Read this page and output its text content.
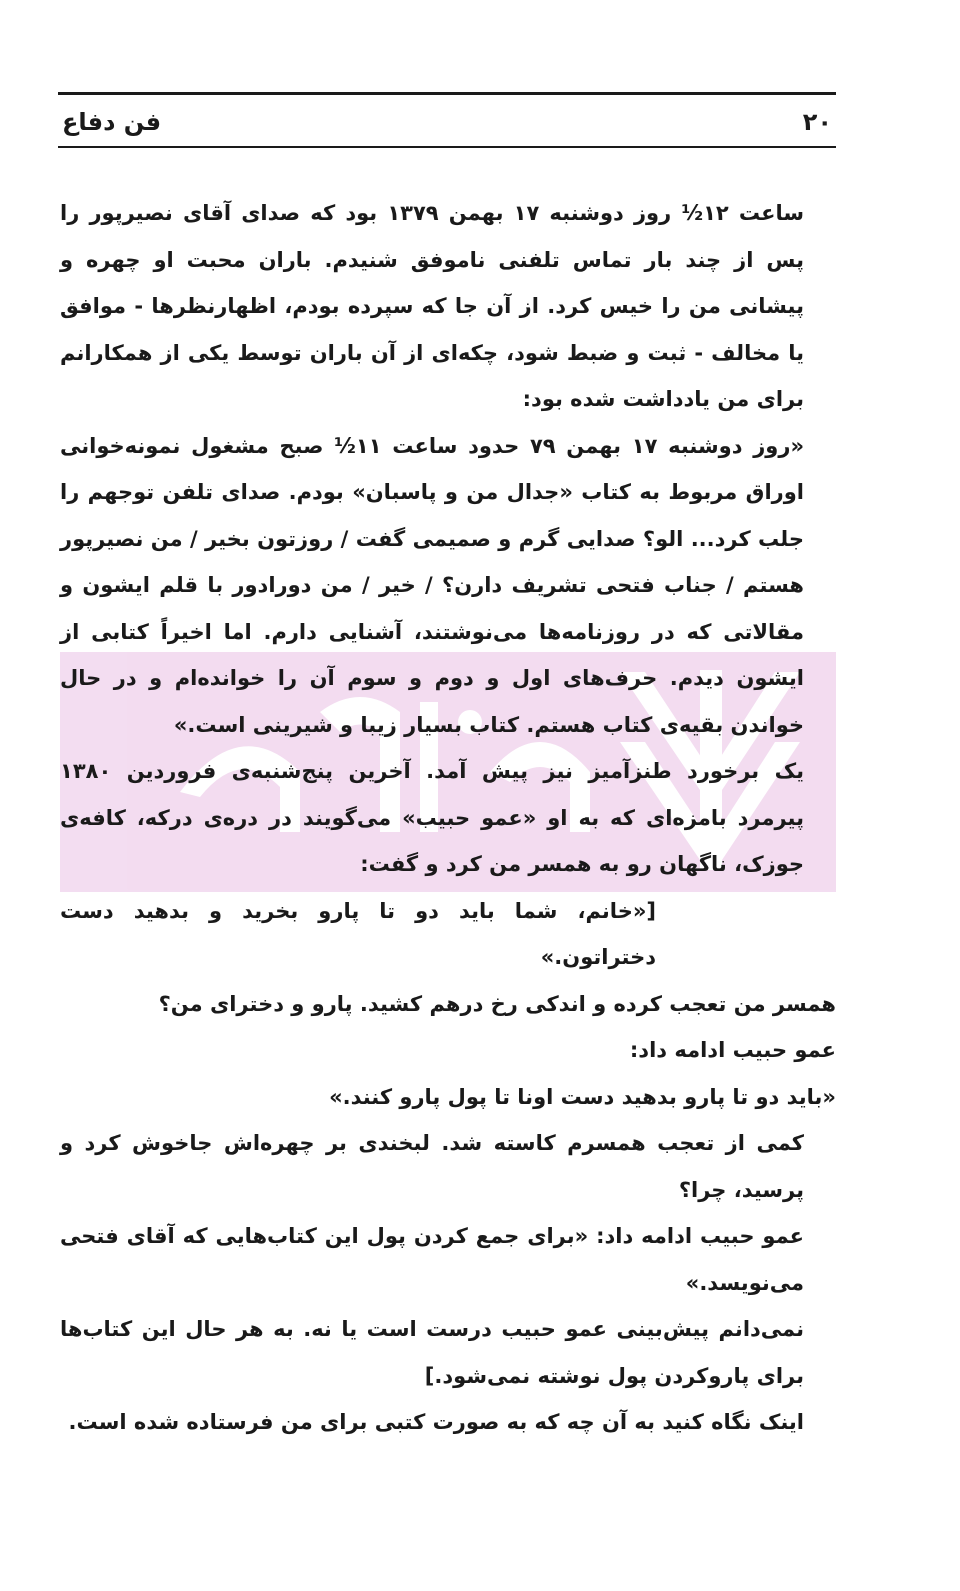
۲۰
فن دفاع

ساعت ۱۲½ روز دوشنبه ۱۷ بهمن ۱۳۷۹ بود که صدای آقای نصیرپور را پس از چند بار تماس تلفنی ناموفق شنیدم. باران محبت او چهره و پیشانی من را خیس کرد. از آن جا که سپرده بودم، اظهارنظرها - موافق یا مخالف - ثبت و ضبط شود، چکه‌ای از آن باران توسط یکی از همکارانم برای من یادداشت شده بود:

«روز دوشنبه ۱۷ بهمن ۷۹ حدود ساعت ۱۱½ صبح مشغول نمونه‌خوانی اوراق مربوط به کتاب «جدال من و پاسبان» بودم. صدای تلفن توجهم را جلب کرد... الو؟ صدایی گرم و صمیمی گفت / روزتون بخیر / من نصیرپور هستم / جناب فتحی تشریف دارن؟ / خیر / من دورادور با قلم ایشون و مقالاتی که در روزنامه‌ها می‌نوشتند، آشنایی دارم. اما اخیراً کتابی از ایشون دیدم. حرف‌های اول و دوم و سوم آن را خوانده‌ام و در حال خواندن بقیه‌ی کتاب هستم. کتاب بسیار زیبا و شیرینی است.»

یک برخورد طنزآمیز نیز پیش آمد. آخرین پنج‌شنبه‌ی فروردین ۱۳۸۰ پیرمرد بامزه‌ای که به او «عمو حبیب» می‌گویند در دره‌ی درکه، کافه‌ی جوزک، ناگهان رو به همسر من کرد و گفت:

[«خانم، شما باید دو تا پارو بخرید و بدهید دست دختراتون.»

همسر من تعجب کرده و اندکی رخ درهم کشید. پارو و دخترای من؟

عمو حبیب ادامه داد:

«باید دو تا پارو بدهید دست اونا تا پول پارو کنند.»

کمی از تعجب همسرم کاسته شد. لبخندی بر چهره‌اش جاخوش کرد و پرسید، چرا؟

عمو حبیب ادامه داد: «برای جمع کردن پول این کتاب‌هایی که آقای فتحی می‌نویسد.»

نمی‌دانم پیش‌بینی عمو حبیب درست است یا نه. به هر حال این کتاب‌ها برای پاروکردن پول نوشته نمی‌شود.]

اینک نگاه کنید به آن چه که به صورت کتبی برای من فرستاده شده است.
